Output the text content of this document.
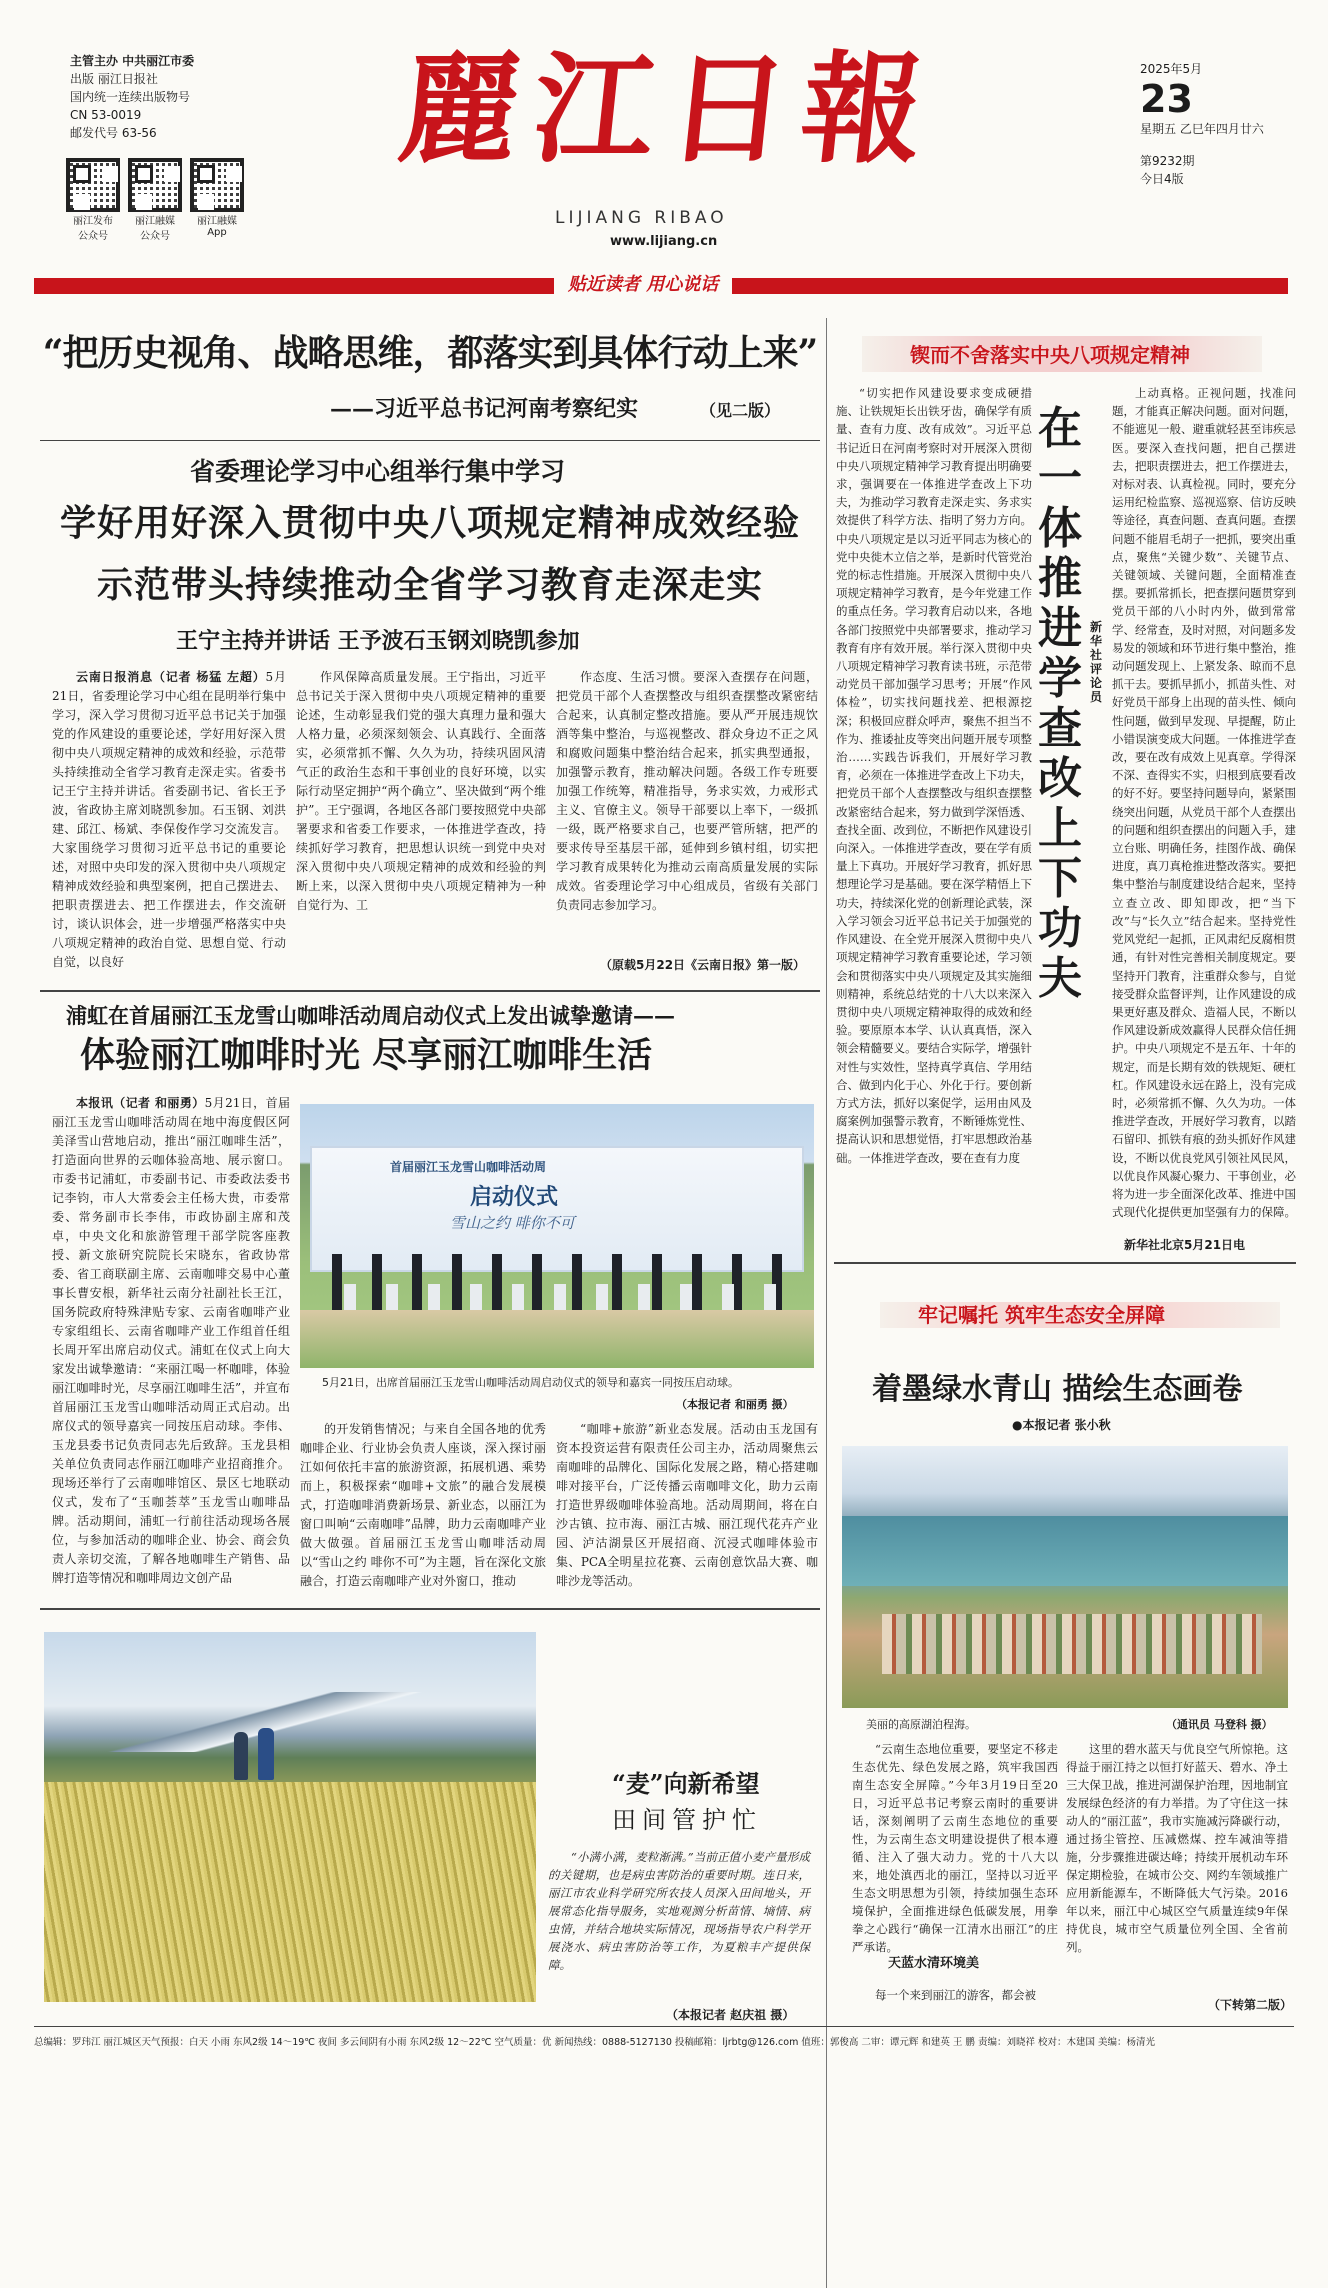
主管主办 中共丽江市委
出版 丽江日报社
国内统一连续出版物号
CN 53-0019
邮发代号 63-56
丽江发布
公众号
丽江融媒
公众号
丽江融媒
App
麗江日報
LIJIANG RIBAO
www.lijiang.cn
2025年5月
23
星期五 乙巳年四月廿六
第9232期
今日4版
贴近读者 用心说话
“把历史视角、战略思维，都落实到具体行动上来”
——习近平总书记河南考察纪实	（见二版）
省委理论学习中心组举行集中学习
学好用好深入贯彻中央八项规定精神成效经验
示范带头持续推动全省学习教育走深走实
王宁主持并讲话 王予波石玉钢刘晓凯参加

云南日报消息（记者 杨猛 左超）5月21日，省委理论学习中心组在昆明举行集中学习，深入学习贯彻习近平总书记关于加强党的作风建设的重要论述，学好用好深入贯彻中央八项规定精神的成效和经验，示范带头持续推动全省学习教育走深走实。省委书记王宁主持并讲话。省委副书记、省长王予波，省政协主席刘晓凯参加。石玉钢、刘洪建、邱江、杨斌、李保俊作学习交流发言。大家围绕学习贯彻习近平总书记的重要论述，对照中央印发的深入贯彻中央八项规定精神成效经验和典型案例，把自己摆进去、把职责摆进去、把工作摆进去，作交流研讨，谈认识体会，进一步增强严格落实中央八项规定精神的政治自觉、思想自觉、行动自觉，以良好

作风保障高质量发展。王宁指出，习近平总书记关于深入贯彻中央八项规定精神的重要论述，生动彰显我们党的强大真理力量和强大人格力量，必须深刻领会、认真践行、全面落实，必须常抓不懈、久久为功，持续巩固风清气正的政治生态和干事创业的良好环境，以实际行动坚定拥护“两个确立”、坚决做到“两个维护”。王宁强调，各地区各部门要按照党中央部署要求和省委工作要求，一体推进学查改，持续抓好学习教育，把思想认识统一到党中央对深入贯彻中央八项规定精神的成效和经验的判断上来，以深入贯彻中央八项规定精神为一种自觉行为、工

作态度、生活习惯。要深入查摆存在问题，把党员干部个人查摆整改与组织查摆整改紧密结合起来，认真制定整改措施。要从严开展违规饮酒等集中整治，与巡视整改、群众身边不正之风和腐败问题集中整治结合起来，抓实典型通报，加强警示教育，推动解决问题。各级工作专班要加强工作统筹，精准指导，务求实效，力戒形式主义、官僚主义。领导干部要以上率下，一级抓一级，既严格要求自己，也要严管所辖，把严的要求传导至基层干部，延伸到乡镇村组，切实把学习教育成果转化为推动云南高质量发展的实际成效。省委理论学习中心组成员，省级有关部门负责同志参加学习。

（原载5月22日《云南日报》第一版）
浦虹在首届丽江玉龙雪山咖啡活动周启动仪式上发出诚挚邀请——
体验丽江咖啡时光 尽享丽江咖啡生活

本报讯（记者 和丽勇）5月21日，首届丽江玉龙雪山咖啡活动周在地中海度假区阿美泽雪山营地启动，推出“丽江咖啡生活”，打造面向世界的云咖体验高地、展示窗口。市委书记浦虹，市委副书记、市委政法委书记李钧，市人大常委会主任杨大贵，市委常委、常务副市长李伟，市政协副主席和茂卓，中央文化和旅游管理干部学院客座教授、新文旅研究院院长宋晓东，省政协常委、省工商联副主席、云南咖啡交易中心董事长曹安根，新华社云南分社副社长王江，国务院政府特殊津贴专家、云南省咖啡产业专家组组长、云南省咖啡产业工作组首任组长周开军出席启动仪式。浦虹在仪式上向大家发出诚挚邀请：“来丽江喝一杯咖啡，体验丽江咖啡时光，尽享丽江咖啡生活”，并宣布首届丽江玉龙雪山咖啡活动周正式启动。出席仪式的领导嘉宾一同按压启动球。李伟、玉龙县委书记负责同志先后致辞。玉龙县相关单位负责同志作丽江咖啡产业招商推介。现场还举行了云南咖啡馆区、景区七地联动仪式，发布了“玉咖荟萃”玉龙雪山咖啡品牌。活动期间，浦虹一行前往活动现场各展位，与参加活动的咖啡企业、协会、商会负责人亲切交流，了解各地咖啡生产销售、品牌打造等情况和咖啡周边文创产品

首届丽江玉龙雪山咖啡活动周
启动仪式
雪山之约 啡你不可
5月21日，出席首届丽江玉龙雪山咖啡活动周启动仪式的领导和嘉宾一同按压启动球。
（本报记者 和丽勇 摄）

的开发销售情况；与来自全国各地的优秀咖啡企业、行业协会负责人座谈，深入探讨丽江如何依托丰富的旅游资源，拓展机遇、乘势而上，积极探索“咖啡+文旅”的融合发展模式，打造咖啡消费新场景、新业态，以丽江为窗口叫响“云南咖啡”品牌，助力云南咖啡产业做大做强。首届丽江玉龙雪山咖啡活动周以“雪山之约 啡你不可”为主题，旨在深化文旅融合，打造云南咖啡产业对外窗口，推动

“咖啡+旅游”新业态发展。活动由玉龙国有资本投资运营有限责任公司主办，活动周聚焦云南咖啡的品牌化、国际化发展之路，精心搭建咖啡对接平台，广泛传播云南咖啡文化，助力云南打造世界级咖啡体验高地。活动周期间，将在白沙古镇、拉市海、丽江古城、丽江现代花卉产业园、泸沽湖景区开展招商、沉浸式咖啡体验市集、PCA全明星拉花赛、云南创意饮品大赛、咖啡沙龙等活动。

“麦”向新希望
田间管护忙

“小满小满，麦粒渐满。”当前正值小麦产量形成的关键期，也是病虫害防治的重要时期。连日来，丽江市农业科学研究所农技人员深入田间地头，开展常态化指导服务，实地观测分析苗情、墒情、病虫情，并结合地块实际情况，现场指导农户科学开展浇水、病虫害防治等工作，为夏粮丰产提供保障。

（本报记者 赵庆祖 摄）
锲而不舍落实中央八项规定精神

“切实把作风建设要求变成硬措施、让铁规矩长出铁牙齿，确保学有质量、查有力度、改有成效”。习近平总书记近日在河南考察时对开展深入贯彻中央八项规定精神学习教育提出明确要求，强调要在一体推进学查改上下功夫，为推动学习教育走深走实、务求实效提供了科学方法、指明了努力方向。中央八项规定是以习近平同志为核心的党中央徙木立信之举，是新时代管党治党的标志性措施。开展深入贯彻中央八项规定精神学习教育，是今年党建工作的重点任务。学习教育启动以来，各地各部门按照党中央部署要求，推动学习教育有序有效开展。举行深入贯彻中央八项规定精神学习教育读书班，示范带动党员干部加强学习思考；开展“作风体检”，切实找问题找差、把根源挖深；积极回应群众呼声，聚焦不担当不作为、推诿扯皮等突出问题开展专项整治……实践告诉我们，开展好学习教育，必须在一体推进学查改上下功夫，把党员干部个人查摆整改与组织查摆整改紧密结合起来，努力做到学深悟透、查找全面、改到位，不断把作风建设引向深入。一体推进学查改，要在学有质量上下真功。开展好学习教育，抓好思想理论学习是基础。要在深学精悟上下功夫，持续深化党的创新理论武装，深入学习领会习近平总书记关于加强党的作风建设、在全党开展深入贯彻中央八项规定精神学习教育重要论述，学习领会和贯彻落实中央八项规定及其实施细则精神，系统总结党的十八大以来深入贯彻中央八项规定精神取得的成效和经验。要原原本本学、认认真真悟，深入领会精髓要义。要结合实际学，增强针对性与实效性，坚持真学真信、学用结合、做到内化于心、外化于行。要创新方式方法，抓好以案促学，运用由风及腐案例加强警示教育，不断锤炼党性、提高认识和思想觉悟，打牢思想政治基础。一体推进学查改，要在查有力度

在一体推进学查改上下功夫
新华社评论员

上动真格。正视问题，找准问题，才能真正解决问题。面对问题，不能遮见一般、避重就轻甚至讳疾忌医。要深入查找问题，把自己摆进去，把职责摆进去，把工作摆进去，对标对表、认真检视。同时，要充分运用纪检监察、巡视巡察、信访反映等途径，真查问题、查真问题。查摆问题不能眉毛胡子一把抓，要突出重点，聚焦“关键少数”、关键节点、关键领域、关键问题，全面精准查摆。要抓常抓长，把查摆问题贯穿到党员干部的八小时内外，做到常常学、经常查，及时对照，对问题多发易发的领域和环节进行集中整治，推动问题发现上、上紧发条、晾而不息抓干去。要抓早抓小，抓苗头性、对好党员干部身上出现的苗头性、倾向性问题，做到早发现、早提醒，防止小错误演变成大问题。一体推进学查改，要在改有成效上见真章。学得深不深、查得实不实，归根到底要看改的好不好。要坚持问题导向，紧紧围绕突出问题，从党员干部个人查摆出的问题和组织查摆出的问题入手，建立台账、明确任务，挂图作战、确保进度，真刀真枪推进整改落实。要把集中整治与制度建设结合起来，坚持立查立改、即知即改，把“当下改”与“长久立”结合起来。坚持党性党风党纪一起抓，正风肃纪反腐相贯通，有针对性完善相关制度规定。要坚持开门教育，注重群众参与，自觉接受群众监督评判，让作风建设的成果更好惠及群众、造福人民，不断以作风建设新成效赢得人民群众信任拥护。中央八项规定不是五年、十年的规定，而是长期有效的铁规矩、硬杠杠。作风建设永远在路上，没有完成时，必须常抓不懈、久久为功。一体推进学查改，开展好学习教育，以踏石留印、抓铁有痕的劲头抓好作风建设，不断以优良党风引领社风民风，以优良作风凝心聚力、干事创业，必将为进一步全面深化改革、推进中国式现代化提供更加坚强有力的保障。

新华社北京5月21日电
牢记嘱托 筑牢生态安全屏障
着墨绿水青山 描绘生态画卷
●本报记者 张小秋
美丽的高原湖泊程海。	（通讯员 马登科 摄）

“云南生态地位重要，要坚定不移走生态优先、绿色发展之路，筑牢我国西南生态安全屏障。”今年3月19日至20日，习近平总书记考察云南时的重要讲话，深刻阐明了云南生态地位的重要性，为云南生态文明建设提供了根本遵循、注入了强大动力。党的十八大以来，地处滇西北的丽江，坚持以习近平生态文明思想为引领，持续加强生态环境保护，全面推进绿色低碳发展，用拳拳之心践行“确保一江清水出丽江”的庄严承诺。

天蓝水清环境美

每一个来到丽江的游客，都会被

这里的碧水蓝天与优良空气所惊艳。这得益于丽江持之以恒打好蓝天、碧水、净土三大保卫战，推进河湖保护治理，因地制宜发展绿色经济的有力举措。为了守住这一抹动人的“丽江蓝”，我市实施减污降碳行动，通过扬尘管控、压减燃煤、控车减油等措施，分步骤推进碳达峰；持续开展机动车环保定期检验，在城市公交、网约车领域推广应用新能源车，不断降低大气污染。2016年以来，丽江中心城区空气质量连续9年保持优良，城市空气质量位列全国、全省前列。

（下转第二版）
总编辑：罗玮江 丽江城区天气预报：白天 小雨 东风2级 14～19℃ 夜间 多云间阴有小雨 东风2级 12～22℃ 空气质量：优 新闻热线：0888-5127130 投稿邮箱：ljrbtg@126.com 值班：郭俊高 二审：谭元辉 和建英 王 鹏 责编：刘晓祥 校对：木建国 美编：杨清光
